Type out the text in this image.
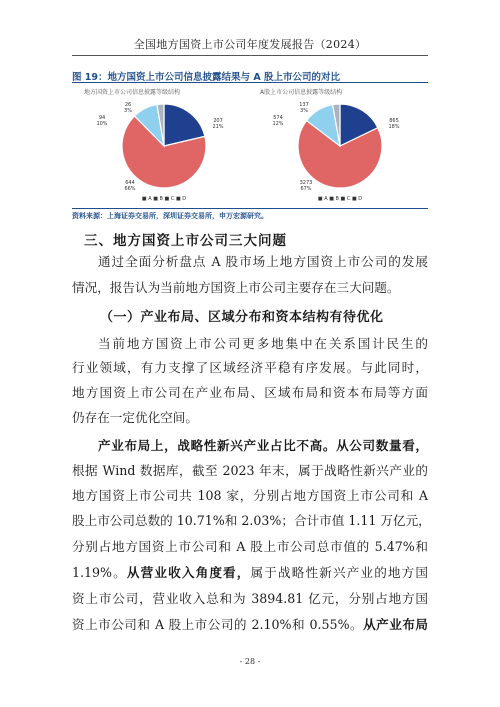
全国地方国资上市公司年度发展报告（2024）
图 19：地方国资上市公司信息披露结果与 A 股上市公司的对比
地方国资上市公司信息披露等级结构
207
21%
644
66%
94
10%
26
3%
■ A ■ B ■ C ■ D
A股上市公司信息披露等级结构
865
18%
3273
67%
574
12%
137
3%
■ A ■ B ■ C ■ D
资料来源：上海证券交易所，深圳证券交易所，申万宏源研究。
三、地方国资上市公司三大问题
通过全面分析盘点 A 股市场上地方国资上市公司的发展
情况，报告认为当前地方国资上市公司主要存在三大问题。
（一）产业布局、区域分布和资本结构有待优化
当前地方国资上市公司更多地集中在关系国计民生的
行业领域，有力支撑了区域经济平稳有序发展。与此同时，
地方国资上市公司在产业布局、区域布局和资本布局等方面
仍存在一定优化空间。
产业布局上，战略性新兴产业占比不高。从公司数量看，
根据 Wind 数据库，截至 2023 年末，属于战略性新兴产业的
地方国资上市公司共 108 家，分别占地方国资上市公司和 A
股上市公司总数的 10.71%和 2.03%；合计市值 1.11 万亿元，
分别占地方国资上市公司和 A 股上市公司总市值的 5.47%和
1.19%。从营业收入角度看，属于战略性新兴产业的地方国
资上市公司，营业收入总和为 3894.81 亿元，分别占地方国
资上市公司和 A 股上市公司的 2.10%和 0.55%。从产业布局
- 28 -
